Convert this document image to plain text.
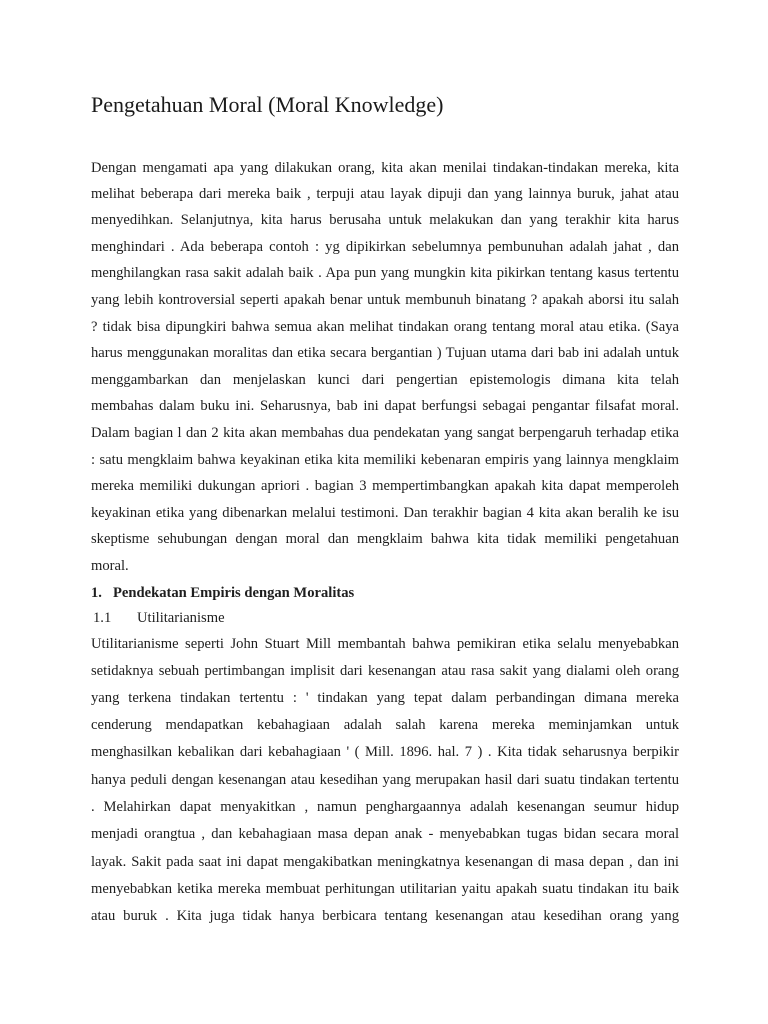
Pengetahuan Moral (Moral Knowledge)
Dengan mengamati apa yang dilakukan orang, kita akan menilai tindakan-tindakan mereka, kita
melihat beberapa dari mereka baik , terpuji atau layak dipuji dan yang lainnya buruk, jahat atau
menyedihkan. Selanjutnya, kita harus berusaha untuk melakukan dan yang terakhir kita harus
menghindari . Ada beberapa contoh : yg dipikirkan sebelumnya pembunuhan adalah jahat , dan
menghilangkan rasa sakit adalah baik . Apa pun yang mungkin kita pikirkan tentang kasus tertentu
yang lebih kontroversial seperti apakah benar untuk membunuh binatang ? apakah aborsi itu salah
? tidak bisa dipungkiri bahwa semua akan melihat tindakan orang tentang moral atau etika. (Saya
harus menggunakan moralitas dan etika secara bergantian ) Tujuan utama dari bab ini adalah untuk
menggambarkan dan menjelaskan kunci dari pengertian epistemologis dimana kita telah
membahas dalam buku ini. Seharusnya, bab ini dapat berfungsi sebagai pengantar filsafat moral.
Dalam bagian l dan 2 kita akan membahas dua pendekatan yang sangat berpengaruh terhadap etika
: satu mengklaim bahwa keyakinan etika kita memiliki kebenaran empiris yang lainnya mengklaim
mereka memiliki dukungan apriori . bagian 3 mempertimbangkan apakah kita dapat memperoleh
keyakinan etika yang dibenarkan melalui testimoni. Dan terakhir bagian 4 kita akan beralih ke isu
skeptisme sehubungan dengan moral dan mengklaim bahwa kita tidak memiliki pengetahuan
moral.
1. Pendekatan Empiris dengan Moralitas
1.1 Utilitarianisme
Utilitarianisme seperti John Stuart Mill membantah bahwa pemikiran etika selalu menyebabkan
setidaknya sebuah pertimbangan implisit dari kesenangan atau rasa sakit yang dialami oleh orang
yang terkena tindakan tertentu : ' tindakan yang tepat dalam perbandingan dimana mereka
cenderung mendapatkan kebahagiaan adalah salah karena mereka meminjamkan untuk
menghasilkan kebalikan dari kebahagiaan ' ( Mill. 1896. hal. 7 ) . Kita tidak seharusnya berpikir
hanya peduli dengan kesenangan atau kesedihan yang merupakan hasil dari suatu tindakan tertentu
. Melahirkan dapat menyakitkan , namun penghargaannya adalah kesenangan seumur hidup
menjadi orangtua , dan kebahagiaan masa depan anak - menyebabkan tugas bidan secara moral
layak. Sakit pada saat ini dapat mengakibatkan meningkatnya kesenangan di masa depan , dan ini
menyebabkan ketika mereka membuat perhitungan utilitarian yaitu apakah suatu tindakan itu baik
atau buruk . Kita juga tidak hanya berbicara tentang kesenangan atau kesedihan orang yang
